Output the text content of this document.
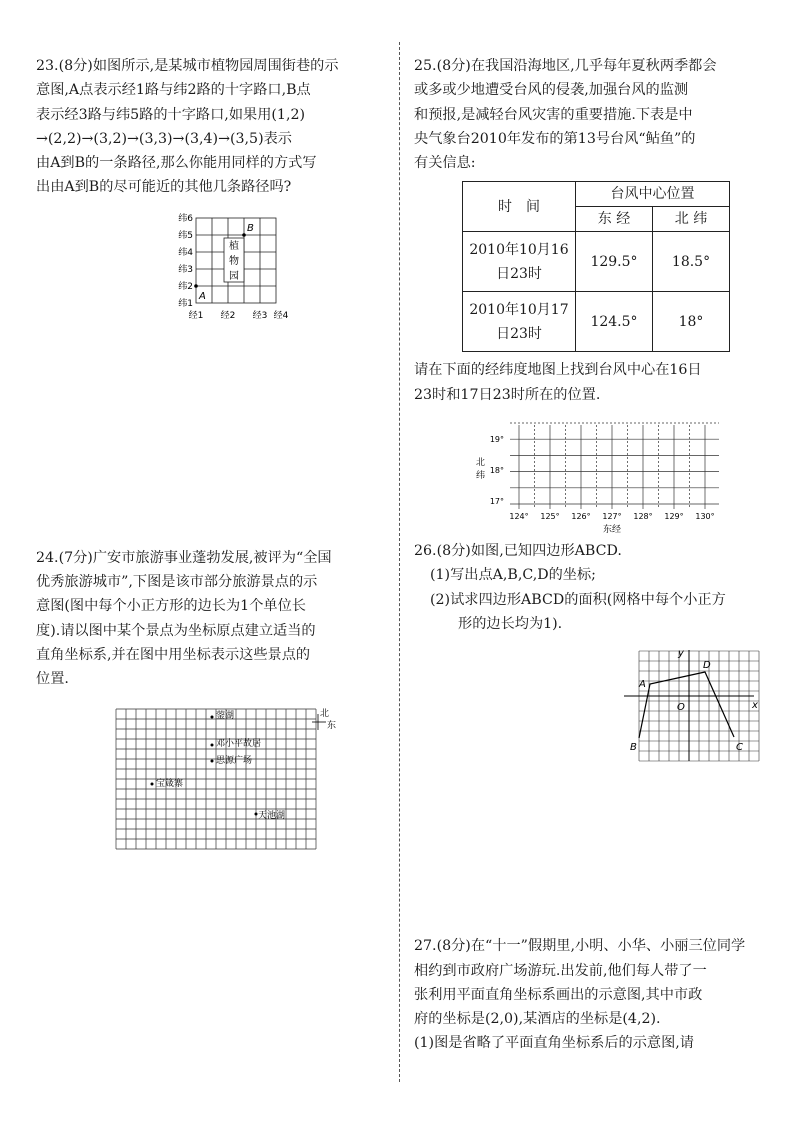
23.(8分)如图所示,是某城市植物园周围街巷的示

意图,A点表示经1路与纬2路的十字路口,B点

表示经3路与纬5路的十字路口,如果用(1,2)

→(2,2)→(3,2)→(3,3)→(3,4)→(3,5)表示

由A到B的一条路径,那么你能用同样的方式写

出由A到B的尽可能近的其他几条路径吗?

植
物
园
A
B
纬6
纬5
纬4
纬3
纬2
纬1
经1 经2 经3 经4

24.(7分)广安市旅游事业蓬勃发展,被评为“全国

优秀旅游城市”,下图是该市部分旅游景点的示

意图(图中每个小正方形的边长为1个单位长

度).请以图中某个景点为坐标原点建立适当的

直角坐标系,并在图中用坐标表示这些景点的

位置.

蓥湖
邓小平故居
思源广场
宝箴寨
天池湖
北
东

25.(8分)在我国沿海地区,几乎每年夏秋两季都会

或多或少地遭受台风的侵袭,加强台风的监测

和预报,是减轻台风灾害的重要措施.下表是中

央气象台2010年发布的第13号台风“鲇鱼”的

有关信息:

时　间	台风中心位置	
	东 经	北 纬
2010年10月16
日23时	129.5°	18.5°
2010年10月17
日23时	124.5°	18°

请在下面的经纬度地图上找到台风中心在16日

23时和17日23时所在的位置.

19°
18°
17°
北
纬
124° 125° 126° 127° 128° 129° 130°
东经

26.(8分)如图,已知四边形ABCD.

(1)写出点A,B,C,D的坐标;

(2)试求四边形ABCD的面积(网格中每个小正方

形的边长均为1).

A
B	C
D
O	x
y

27.(8分)在“十一”假期里,小明、小华、小丽三位同学

相约到市政府广场游玩.出发前,他们每人带了一

张利用平面直角坐标系画出的示意图,其中市政

府的坐标是(2,0),某酒店的坐标是(4,2).

(1)图是省略了平面直角坐标系后的示意图,请
